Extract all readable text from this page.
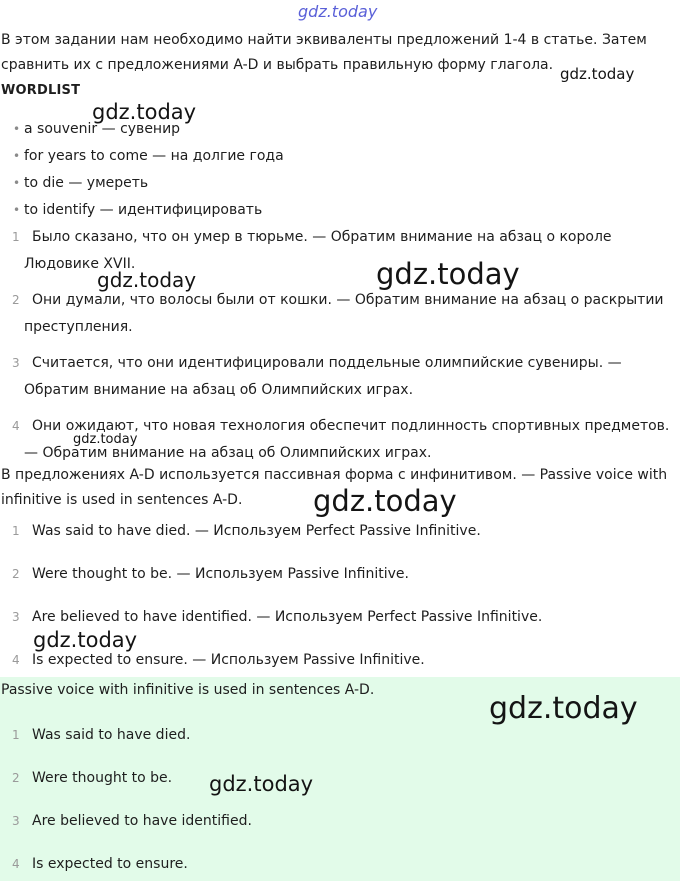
В этом задании нам необходимо найти эквиваленты предложений 1-4 в статье. Затем сравнить их с предложениями A-D и выбрать правильную форму глагола.

WORDLIST
• a souvenir — сувенир
• for years to come — на долгие года
• to die — умереть
• to identify — идентифицировать
1 Было сказано, что он умер в тюрьме. — Обратим внимание на абзац о короле Людовике XVII.
2 Они думали, что волосы были от кошки. — Обратим внимание на абзац о раскрытии преступления.
3 Считается, что они идентифицировали поддельные олимпийские сувениры. — Обратим внимание на абзац об Олимпийских играх.
4 Они ожидают, что новая технология обеспечит подлинность спортивных предметов. — Обратим внимание на абзац об Олимпийских играх.

В предложениях A-D используется пассивная форма с инфинитивом. — Passive voice with infinitive is used in sentences A-D.

1 Was said to have died. — Используем Perfect Passive Infinitive.
2 Were thought to be. — Используем Passive Infinitive.
3 Are believed to have identified. — Используем Perfect Passive Infinitive.
4 Is expected to ensure. — Используем Passive Infinitive.
Passive voice with infinitive is used in sentences A-D.
1 Was said to have died.
2 Were thought to be.
3 Are believed to have identified.
4 Is expected to ensure.
gdz.today
gdz.today
gdz.today
gdz.today	gdz.today
gdz.today
gdz.today
gdz.today
gdz.today
gdz.today
